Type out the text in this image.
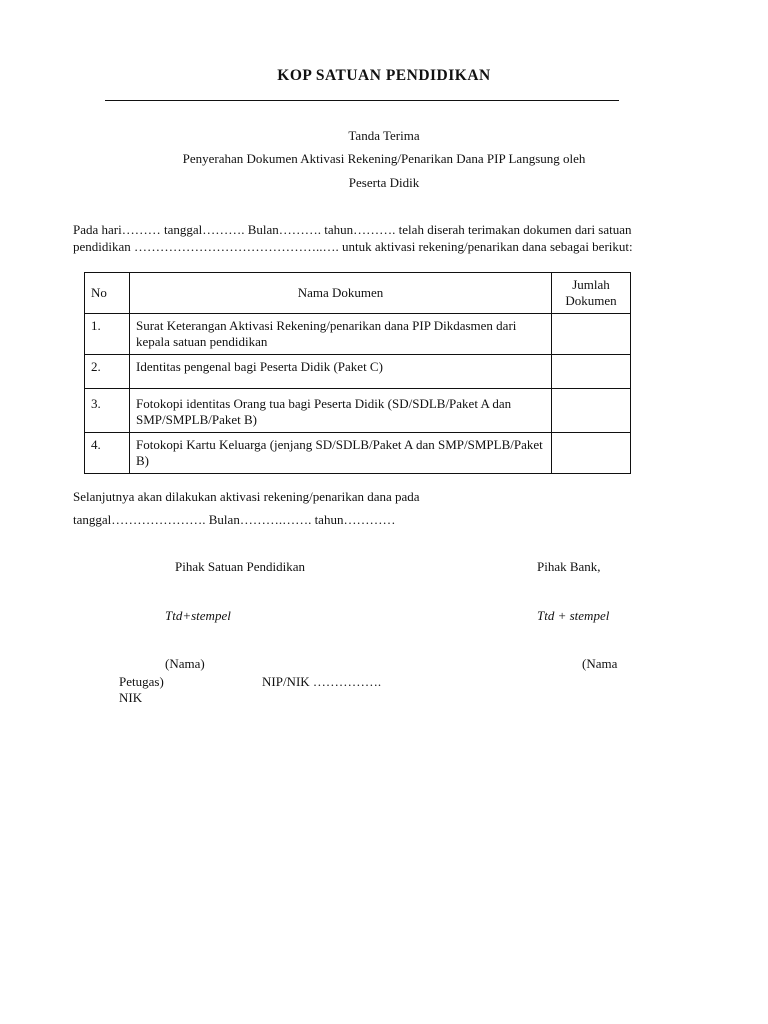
KOP SATUAN PENDIDIKAN
Tanda Terima
Penyerahan Dokumen Aktivasi Rekening/Penarikan Dana PIP Langsung oleh
Peserta Didik
Pada hari……… tanggal………. Bulan………. tahun………. telah diserah terimakan dokumen dari satuan
pendidikan ……………………………………..…. untuk aktivasi rekening/penarikan dana sebagai berikut:
No	Nama Dokumen	Jumlah Dokumen
1.	Surat Keterangan Aktivasi Rekening/penarikan dana PIP Dikdasmen dari kepala satuan pendidikan	
2.	Identitas pengenal bagi Peserta Didik (Paket C)	
3.	Fotokopi identitas Orang tua bagi Peserta Didik (SD/SDLB/Paket A dan SMP/SMPLB/Paket B)	
4.	Fotokopi Kartu Keluarga (jenjang SD/SDLB/Paket A dan SMP/SMPLB/Paket B)	
Selanjutnya akan dilakukan aktivasi rekening/penarikan dana pada
tanggal…………………. Bulan……….……. tahun…………
Pihak Satuan Pendidikan	Pihak Bank,
Ttd+stempel	Ttd + stempel
(Nama)	(Nama
Petugas)	NIP/NIK …………….
NIK
